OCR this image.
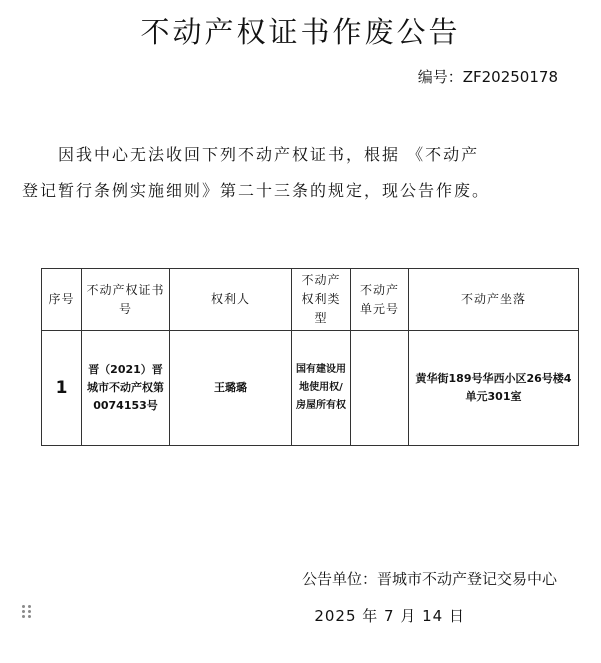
不动产权证书作废公告
编号：ZF20250178
因我中心无法收回下列不动产权证书，根据 《不动产
登记暂行条例实施细则》第二十三条的规定，现公告作废。
序号	不动产权证书号	权利人	不动产权利类型	不动产单元号	不动产坐落
1	晋（2021）晋城市不动产权第0074153号	王璐璐	国有建设用地使用权/房屋所有权		黄华街189号华西小区26号楼4单元301室
公告单位：晋城市不动产登记交易中心
2025 年 7 月 14 日
